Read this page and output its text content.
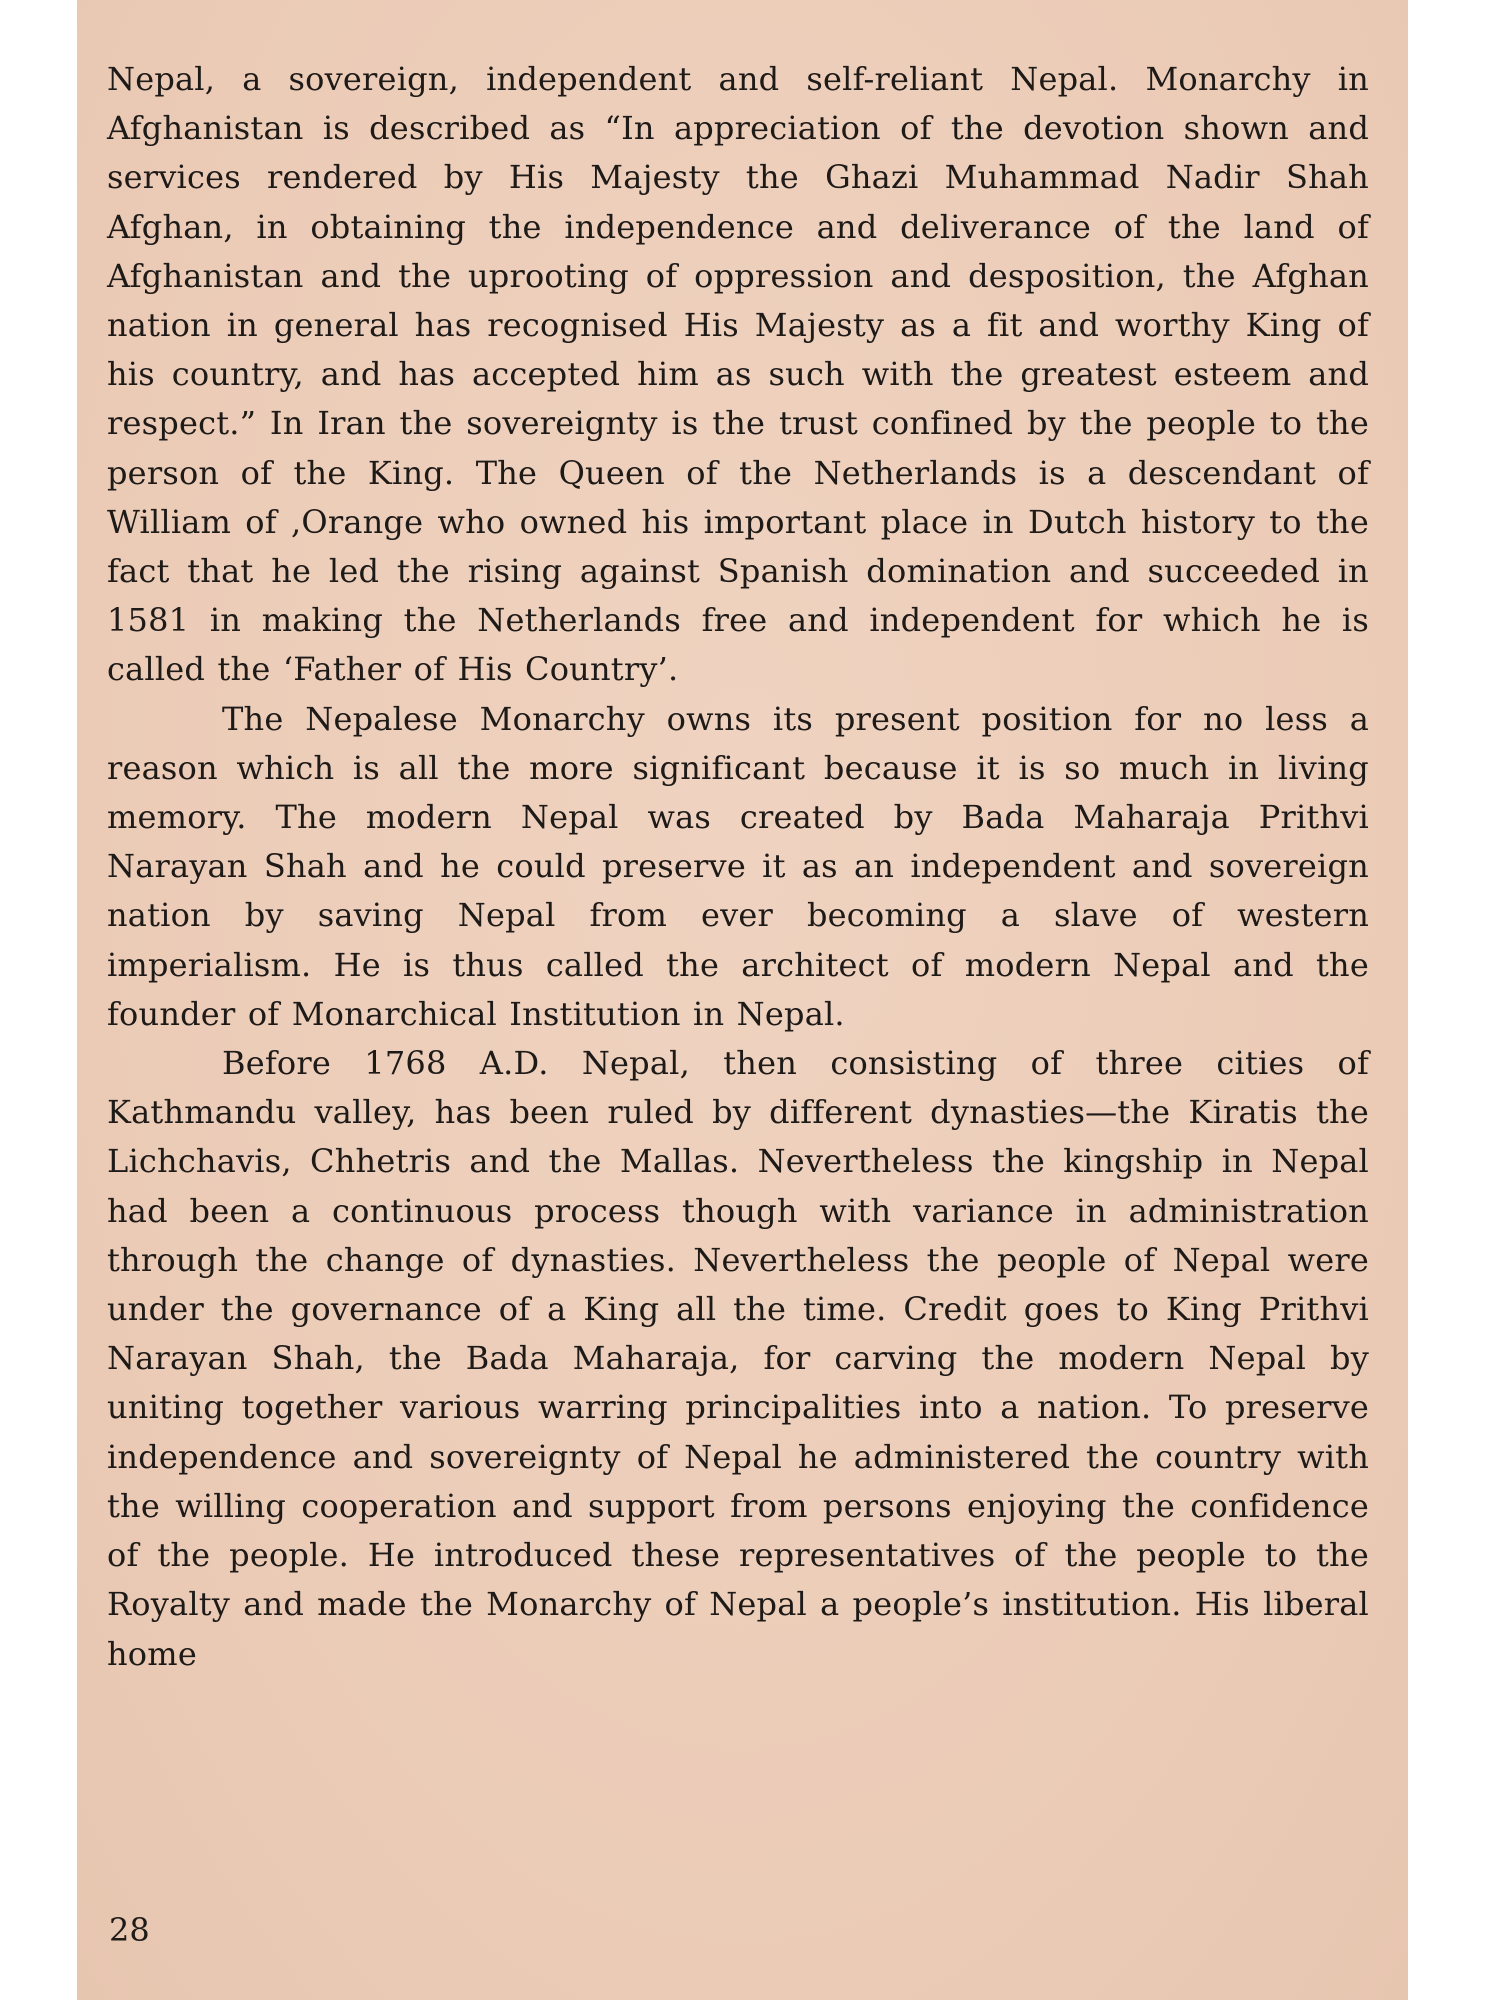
Nepal, a sovereign, independent and self-reliant Nepal. Monarchy in Afghanistan is described as “In appreciation of the devotion shown and services rendered by His Majesty the Ghazi Muhammad Nadir Shah Afghan, in obtaining the independence and deliverance of the land of Afghanistan and the uprooting of oppression and desposition, the Afghan nation in general has recognised His Majesty as a fit and worthy King of his country, and has accepted him as such with the greatest esteem and respect.” In Iran the sovereignty is the trust confined by the people to the person of the King. The Queen of the Netherlands is a descendant of William of ,Orange who owned his important place in Dutch history to the fact that he led the rising against Spanish domination and succeeded in 1581 in making the Netherlands free and independent for which he is called the ‘Father of His Country’.

The Nepalese Monarchy owns its present position for no less a reason which is all the more significant because it is so much in living memory. The modern Nepal was created by Bada Maharaja Prithvi Narayan Shah and he could preserve it as an independent and sovereign nation by saving Nepal from ever becoming a slave of western imperialism. He is thus called the architect of modern Nepal and the founder of Monarchical Institution in Nepal.

Before 1768 A.D. Nepal, then consisting of three cities of Kathmandu valley, has been ruled by different dynasties—the Kiratis the Lichchavis, Chhetris and the Mallas. Nevertheless the kingship in Nepal had been a continuous process though with variance in administration through the change of dynasties. Nevertheless the people of Nepal were under the governance of a King all the time. Credit goes to King Prithvi Narayan Shah, the Bada Maharaja, for carving the modern Nepal by uniting together various warring principalities into a nation. To preserve independence and sovereignty of Nepal he administered the country with the willing cooperation and support from persons enjoying the confidence of the people. He introduced these representatives of the people to the Royalty and made the Monarchy of Nepal a people’s institution. His liberal home

28
